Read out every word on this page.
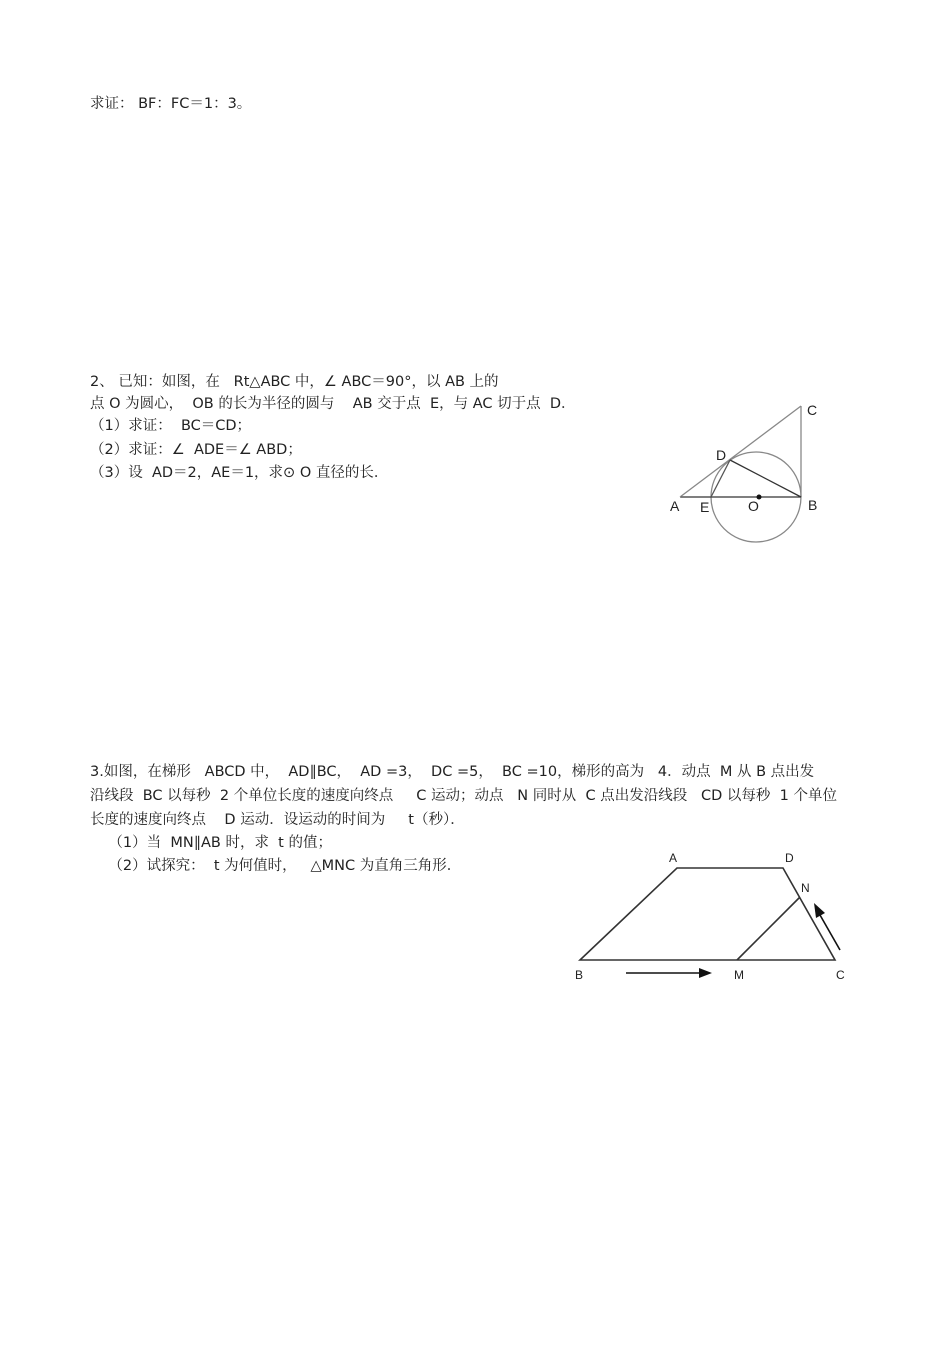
求证： BF：FC＝1：3。
2、 已知：如图，在   Rt△ABC 中，∠ ABC＝90°，以 AB 上的
点 O 为圆心，  OB 的长为半径的圆与    AB 交于点  E，与 AC 切于点  D．
（1）求证：  BC＝CD；
（2）求证：∠  ADE＝∠ ABD；
（3）设  AD＝2，AE＝1，求⊙ O 直径的长．
C
D
A E	O	B
3.如图，在梯形   ABCD 中，  AD∥BC，  AD =3，  DC =5，  BC =10，梯形的高为   4．动点  M 从 B 点出发
沿线段  BC 以每秒  2 个单位长度的速度向终点     C 运动；动点   N 同时从  C 点出发沿线段   CD 以每秒  1 个单位
长度的速度向终点    D 运动．设运动的时间为     t（秒）．
（1）当  MN∥AB 时，求  t 的值；
（2）试探究：  t 为何值时，   △MNC 为直角三角形．	A	D
N
B	M	C
